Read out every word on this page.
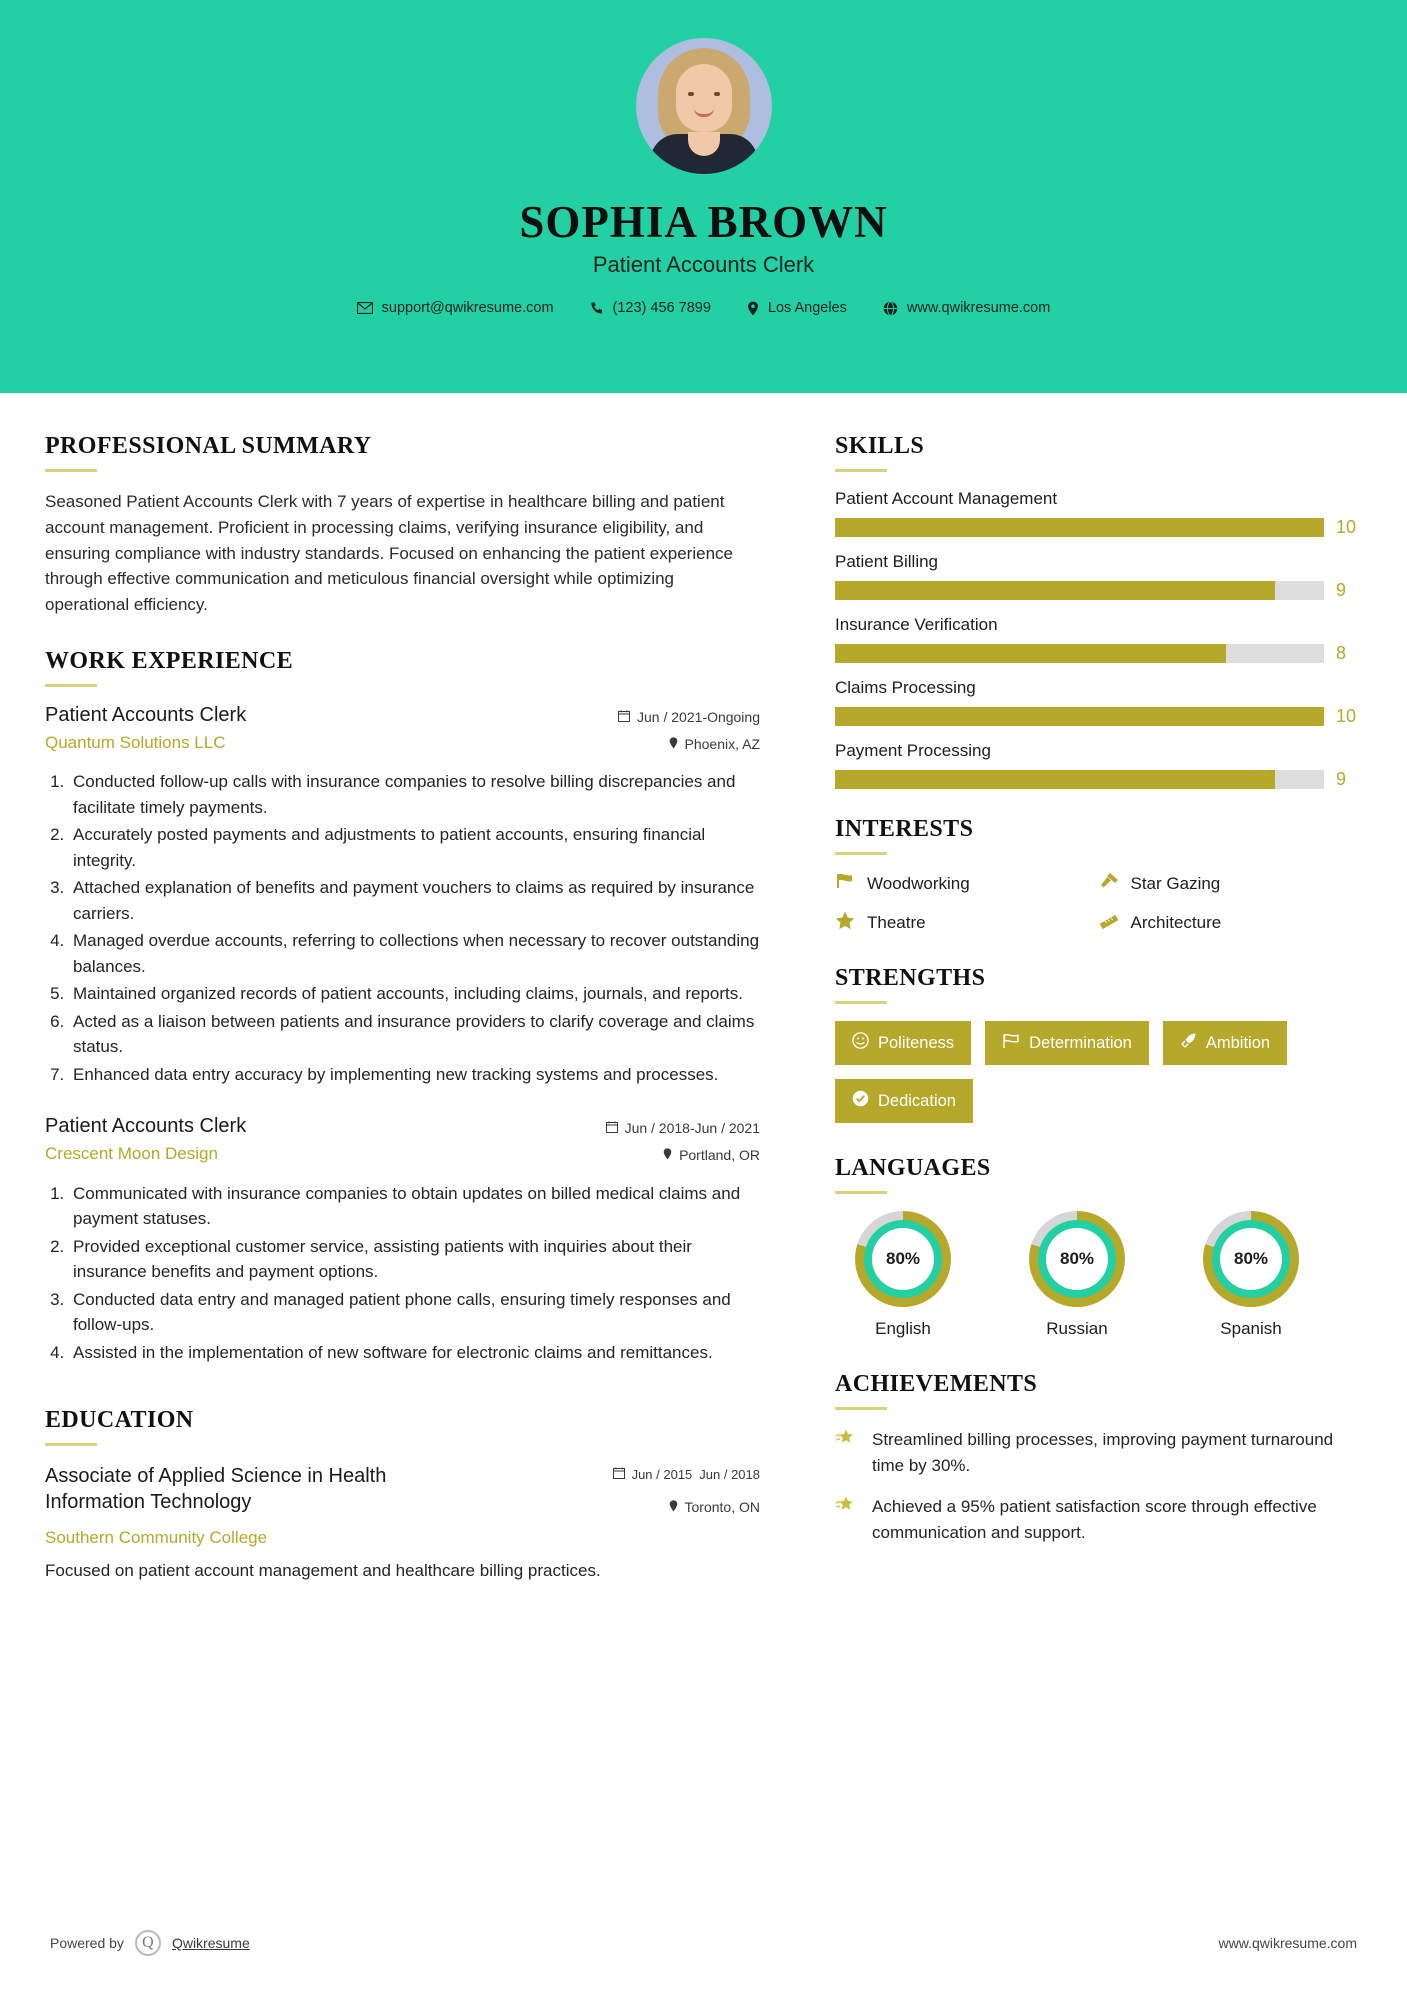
SOPHIA BROWN
Patient Accounts Clerk
support@qwikresume.com	(123) 456 7899	Los Angeles	www.qwikresume.com
PROFESSIONAL SUMMARY

Seasoned Patient Accounts Clerk with 7 years of expertise in healthcare billing and patient account management. Proficient in processing claims, verifying insurance eligibility, and ensuring compliance with industry standards. Focused on enhancing the patient experience through effective communication and meticulous financial oversight while optimizing operational efficiency.

WORK EXPERIENCE
Patient Accounts Clerk
Quantum Solutions LLC
Jun / 2021-Ongoing
Phoenix, AZ
1. Conducted follow-up calls with insurance companies to resolve billing discrepancies and facilitate timely payments.
2. Accurately posted payments and adjustments to patient accounts, ensuring financial integrity.
3. Attached explanation of benefits and payment vouchers to claims as required by insurance carriers.
4. Managed overdue accounts, referring to collections when necessary to recover outstanding balances.
5. Maintained organized records of patient accounts, including claims, journals, and reports.
6. Acted as a liaison between patients and insurance providers to clarify coverage and claims status.
7. Enhanced data entry accuracy by implementing new tracking systems and processes.
Patient Accounts Clerk
Crescent Moon Design
Jun / 2018-Jun / 2021
Portland, OR
1. Communicated with insurance companies to obtain updates on billed medical claims and payment statuses.
2. Provided exceptional customer service, assisting patients with inquiries about their insurance benefits and payment options.
3. Conducted data entry and managed patient phone calls, ensuring timely responses and follow-ups.
4. Assisted in the implementation of new software for electronic claims and remittances.
EDUCATION
Associate of Applied Science in Health Information Technology
Jun / 2015 Jun / 2018
Toronto, ON
Southern Community College
Focused on patient account management and healthcare billing practices.
SKILLS
Patient Account Management
10
Patient Billing
9
Insurance Verification
8
Claims Processing
10
Payment Processing
9
INTERESTS
Woodworking	Star Gazing
Theatre	Architecture
STRENGTHS
Politeness	Determination	Ambition
Dedication
LANGUAGES
80%
English
80%
Russian
80%
Spanish
ACHIEVEMENTS
Streamlined billing processes, improving payment turnaround time by 30%.
Achieved a 95% patient satisfaction score through effective communication and support.
Powered by Q Qwikresume	www.qwikresume.com
